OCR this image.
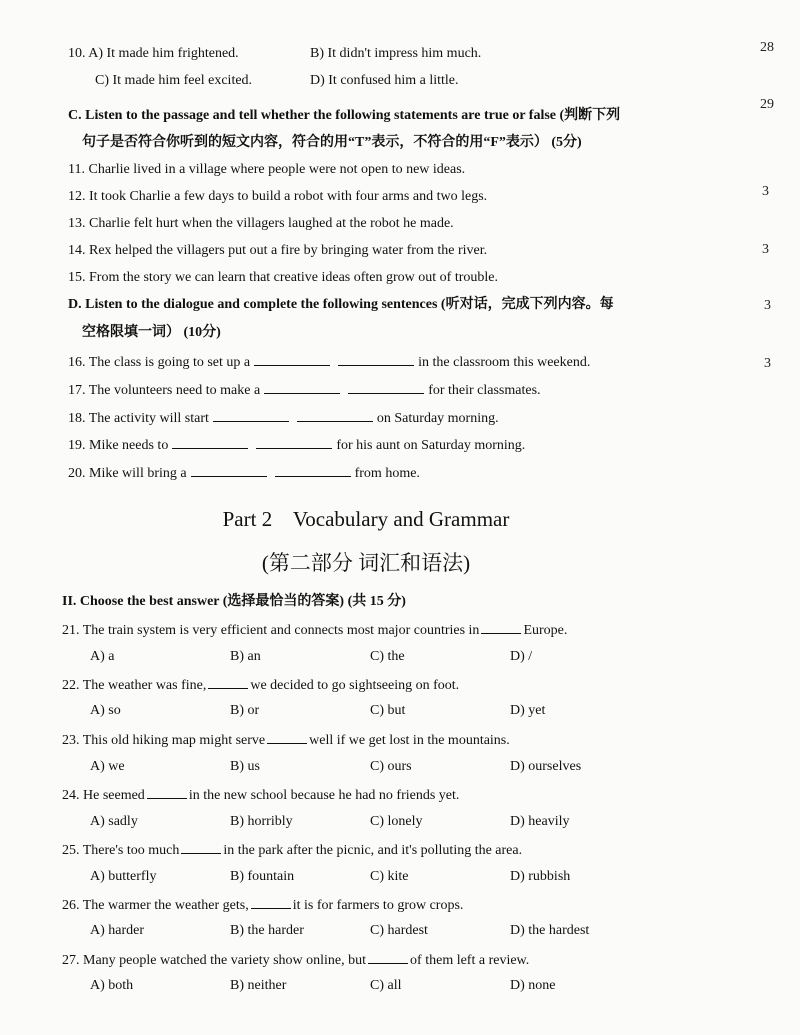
10. A) It made him frightened.	B) It didn't impress him much.
C) It made him feel excited.	D) It confused him a little.
C. Listen to the passage and tell whether the following statements are true or false (判断下列
句子是否符合你听到的短文内容，符合的用“T”表示，不符合的用“F”表示） (5分)
11. Charlie lived in a village where people were not open to new ideas.
12. It took Charlie a few days to build a robot with four arms and two legs.
13. Charlie felt hurt when the villagers laughed at the robot he made.
14. Rex helped the villagers put out a fire by bringing water from the river.
15. From the story we can learn that creative ideas often grow out of trouble.
D. Listen to the dialogue and complete the following sentences (听对话，完成下列内容。每
空格限填一词） (10分)
16. The class is going to set up a	in the classroom this weekend.
17. The volunteers need to make a	for their classmates.
18. The activity will start	on Saturday morning.
19. Mike needs to	for his aunt on Saturday morning.
20. Mike will bring a	from home.
Part 2    Vocabulary and Grammar
(第二部分 词汇和语法)
II. Choose the best answer (选择最恰当的答案) (共 15 分)
21. The train system is very efficient and connects most major countries in	Europe.
A) a	B) an	C) the	D) /
22. The weather was fine,	we decided to go sightseeing on foot.
A) so	B) or	C) but	D) yet
23. This old hiking map might serve	well if we get lost in the mountains.
A) we	B) us	C) ours	D) ourselves
24. He seemed	in the new school because he had no friends yet.
A) sadly	B) horribly	C) lonely	D) heavily
25. There's too much	in the park after the picnic, and it's polluting the area.
A) butterfly	B) fountain	C) kite	D) rubbish
26. The warmer the weather gets,	it is for farmers to grow crops.
A) harder	B) the harder	C) hardest	D) the hardest
27. Many people watched the variety show online, but	of them left a review.
A) both	B) neither	C) all	D) none
28
29
3
3
3
3
